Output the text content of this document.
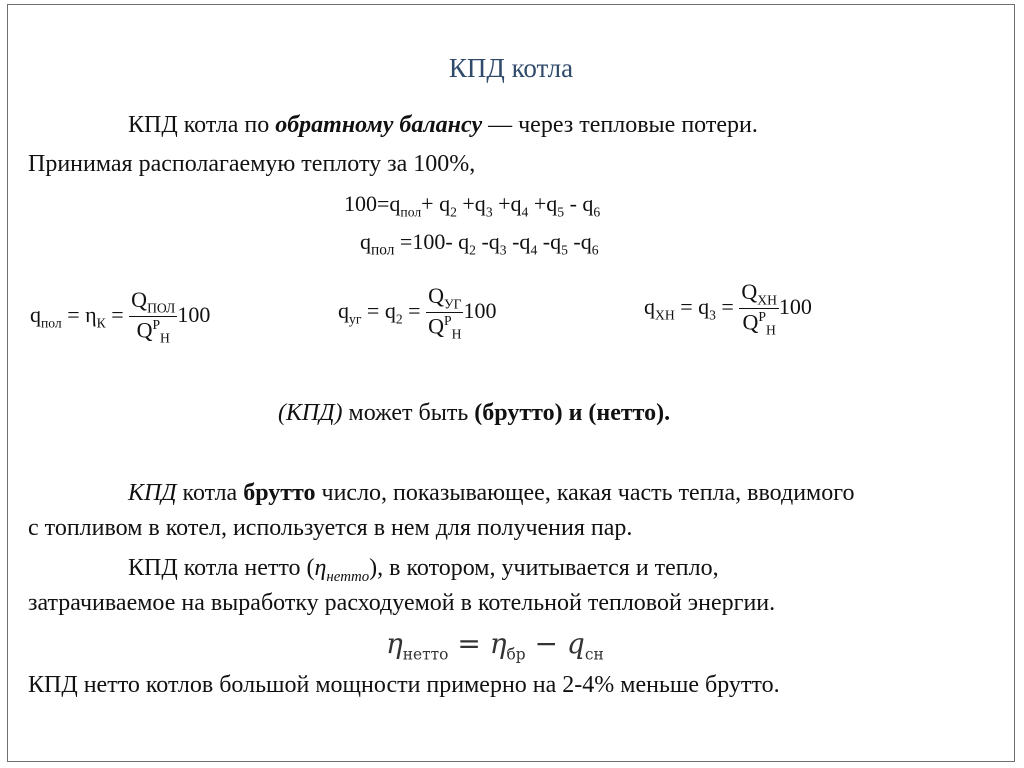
КПД котла
КПД котла по обратному балансу — через тепловые потери.
Принимая располагаемую теплоту за 100%,
$100=q_{пол}+ q_2 +q_3 +q_4 +q_5 - q_6$
$q_{пол} =100-$ $q_2$ $-q_3$ $-q_4$ $-q_5$ $-q_6$
$q_{пол} = \eta_К = \frac{Q_{ПОЛ}}{Q^Р_Н} 100$	$q_{уг} = q_2 = \frac{Q_{УГ}}{Q^Р_Н} 100$	$q_{ХН} = q_3 = \frac{Q_{ХН}}{Q^Р_Н} 100$
(КПД) может быть (брутто) и (нетто).
КПД котла брутто число, показывающее, какая часть тепла, вводимого
с топливом в котел, используется в нем для получения пар.
КПД котла нетто $(\eta_{нетто})$, в котором, учитывается и тепло,
затрачиваемое на выработку расходуемой в котельной тепловой энергии.
$\eta_{нетто} = \eta_{бр} - q_{сн}$
КПД нетто котлов большой мощности примерно на 2-4% меньше брутто.
